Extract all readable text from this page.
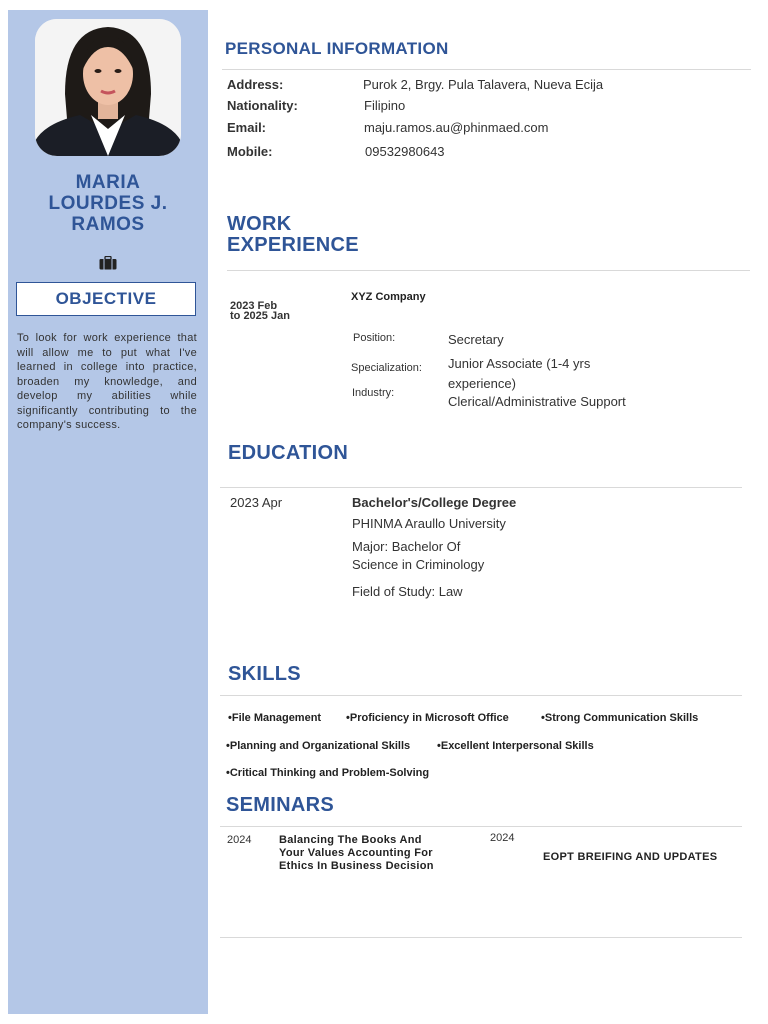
MARIA
LOURDES J.
RAMOS
OBJECTIVE
To look for work experience that will allow me to put what I've learned in college into practice, broaden my knowledge, and develop my abilities while significantly contributing to the company's success.
PERSONAL INFORMATION
Address:	Purok 2, Brgy. Pula Talavera, Nueva Ecija
Nationality:	Filipino
Email:	maju.ramos.au@phinmaed.com
Mobile:	09532980643
WORK
EXPERIENCE
2023 Feb
to 2025 Jan
XYZ Company
Position:	Secretary
Specialization: Junior Associate (1-4 yrs
experience)
Industry:
Clerical/Administrative Support
EDUCATION
2023 Apr	Bachelor's/College Degree
PHINMA Araullo University
Major: Bachelor Of
Science in Criminology
Field of Study: Law
SKILLS
•File Management •Proficiency in Microsoft Office	•Strong Communication Skills
•Planning and Organizational Skills •Excellent Interpersonal Skills
•Critical Thinking and Problem-Solving
SEMINARS
2024	Balancing The Books And
Your Values Accounting For
Ethics In Business Decision
2024
EOPT BREIFING AND UPDATES
